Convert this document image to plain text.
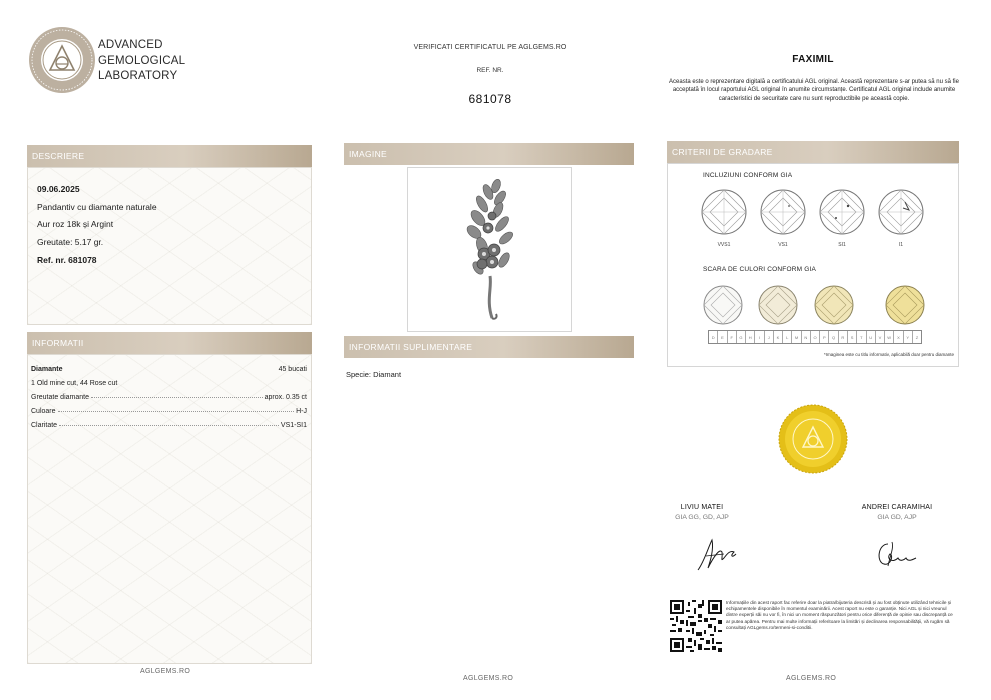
ADVANCED
GEMOLOGICAL
LABORATORY
VERIFICATI CERTIFICATUL PE AGLGEMS.RO
REF. NR.
681078
FAXIMIL
Aceasta este o reprezentare digitală a certificatului AGL original. Această reprezentare s-ar putea să nu să fie acceptată în locul raportului AGL original în anumite circumstanțe. Certificatul AGL original include anumite caracteristici de securitate care nu sunt reproductibile pe această copie.
DESCRIERE
09.06.2025
Pandantiv cu diamante naturale
Aur roz 18k și Argint
Greutate: 5.17 gr.
Ref. nr. 681078
INFORMATII
Diamante	45 bucati
1 Old mine cut, 44 Rose cut
Greutate diamante	aprox. 0.35 ct
Culoare	H-J
Claritate	VS1-SI1
IMAGINE
INFORMATII SUPLIMENTARE
Specie: Diamant
CRITERII DE GRADARE
INCLUZIUNI CONFORM GIA
VVS1	VS1	SI1	I1
SCARA DE CULORI CONFORM GIA
D	E	F	G	H	I	J	K	L	M	N	O	P	Q	R	S	T	U	V	W	X	Y	Z
*Imaginea este cu titlu informativ, aplicabilă doar pentru diamante
LIVIU MATEI
GIA GG, GD, AJP
ANDREI CARAMIHAI
GIA GD, AJP
Informațiile din acest raport fac referire doar la piatra/bijuteria descrisă și au fost obținute utilizând tehnicile și echipamentele disponibile în momentul examinării. Acest raport nu este o garanție. Nici AGL și nici vreunul dintre experții săi nu vor fi, în nici un moment răspunzători pentru orice diferență de opinie sau discrepanță ce ar putea apărea. Pentru mai multe informații referitoare la limitări și declinarea responsabilității, vă rugăm să consultați AGLgems.ro/termeni-si-conditii.
AGLGEMS.RO
AGLGEMS.RO	AGLGEMS.RO
